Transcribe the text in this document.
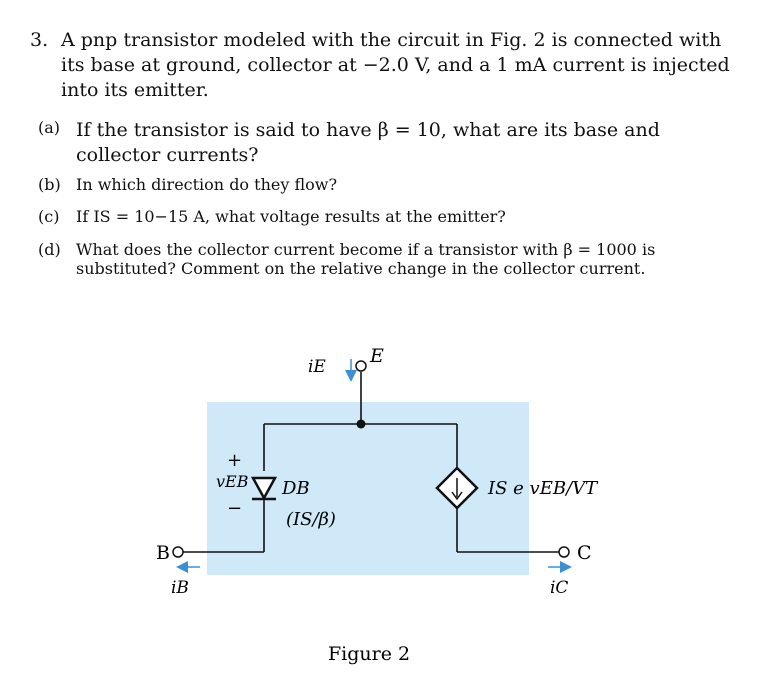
3. A pnp transistor modeled with the circuit in Fig. 2 is connected with its base at ground, collector at −2.0 V, and a 1 mA current is injected into its emitter.
(a) If the transistor is said to have β = 10, what are its base and collector currents?
(b) In which direction do they flow?
(c) If IS = 10−15 A, what voltage results at the emitter?
(d) What does the collector current become if a transistor with β = 1000 is substituted? Comment on the relative change in the collector current.
iE E
B
iB
C
iC
+
vEB
−
DB
(IS/β)
IS e vEB/VT
Figure 2
